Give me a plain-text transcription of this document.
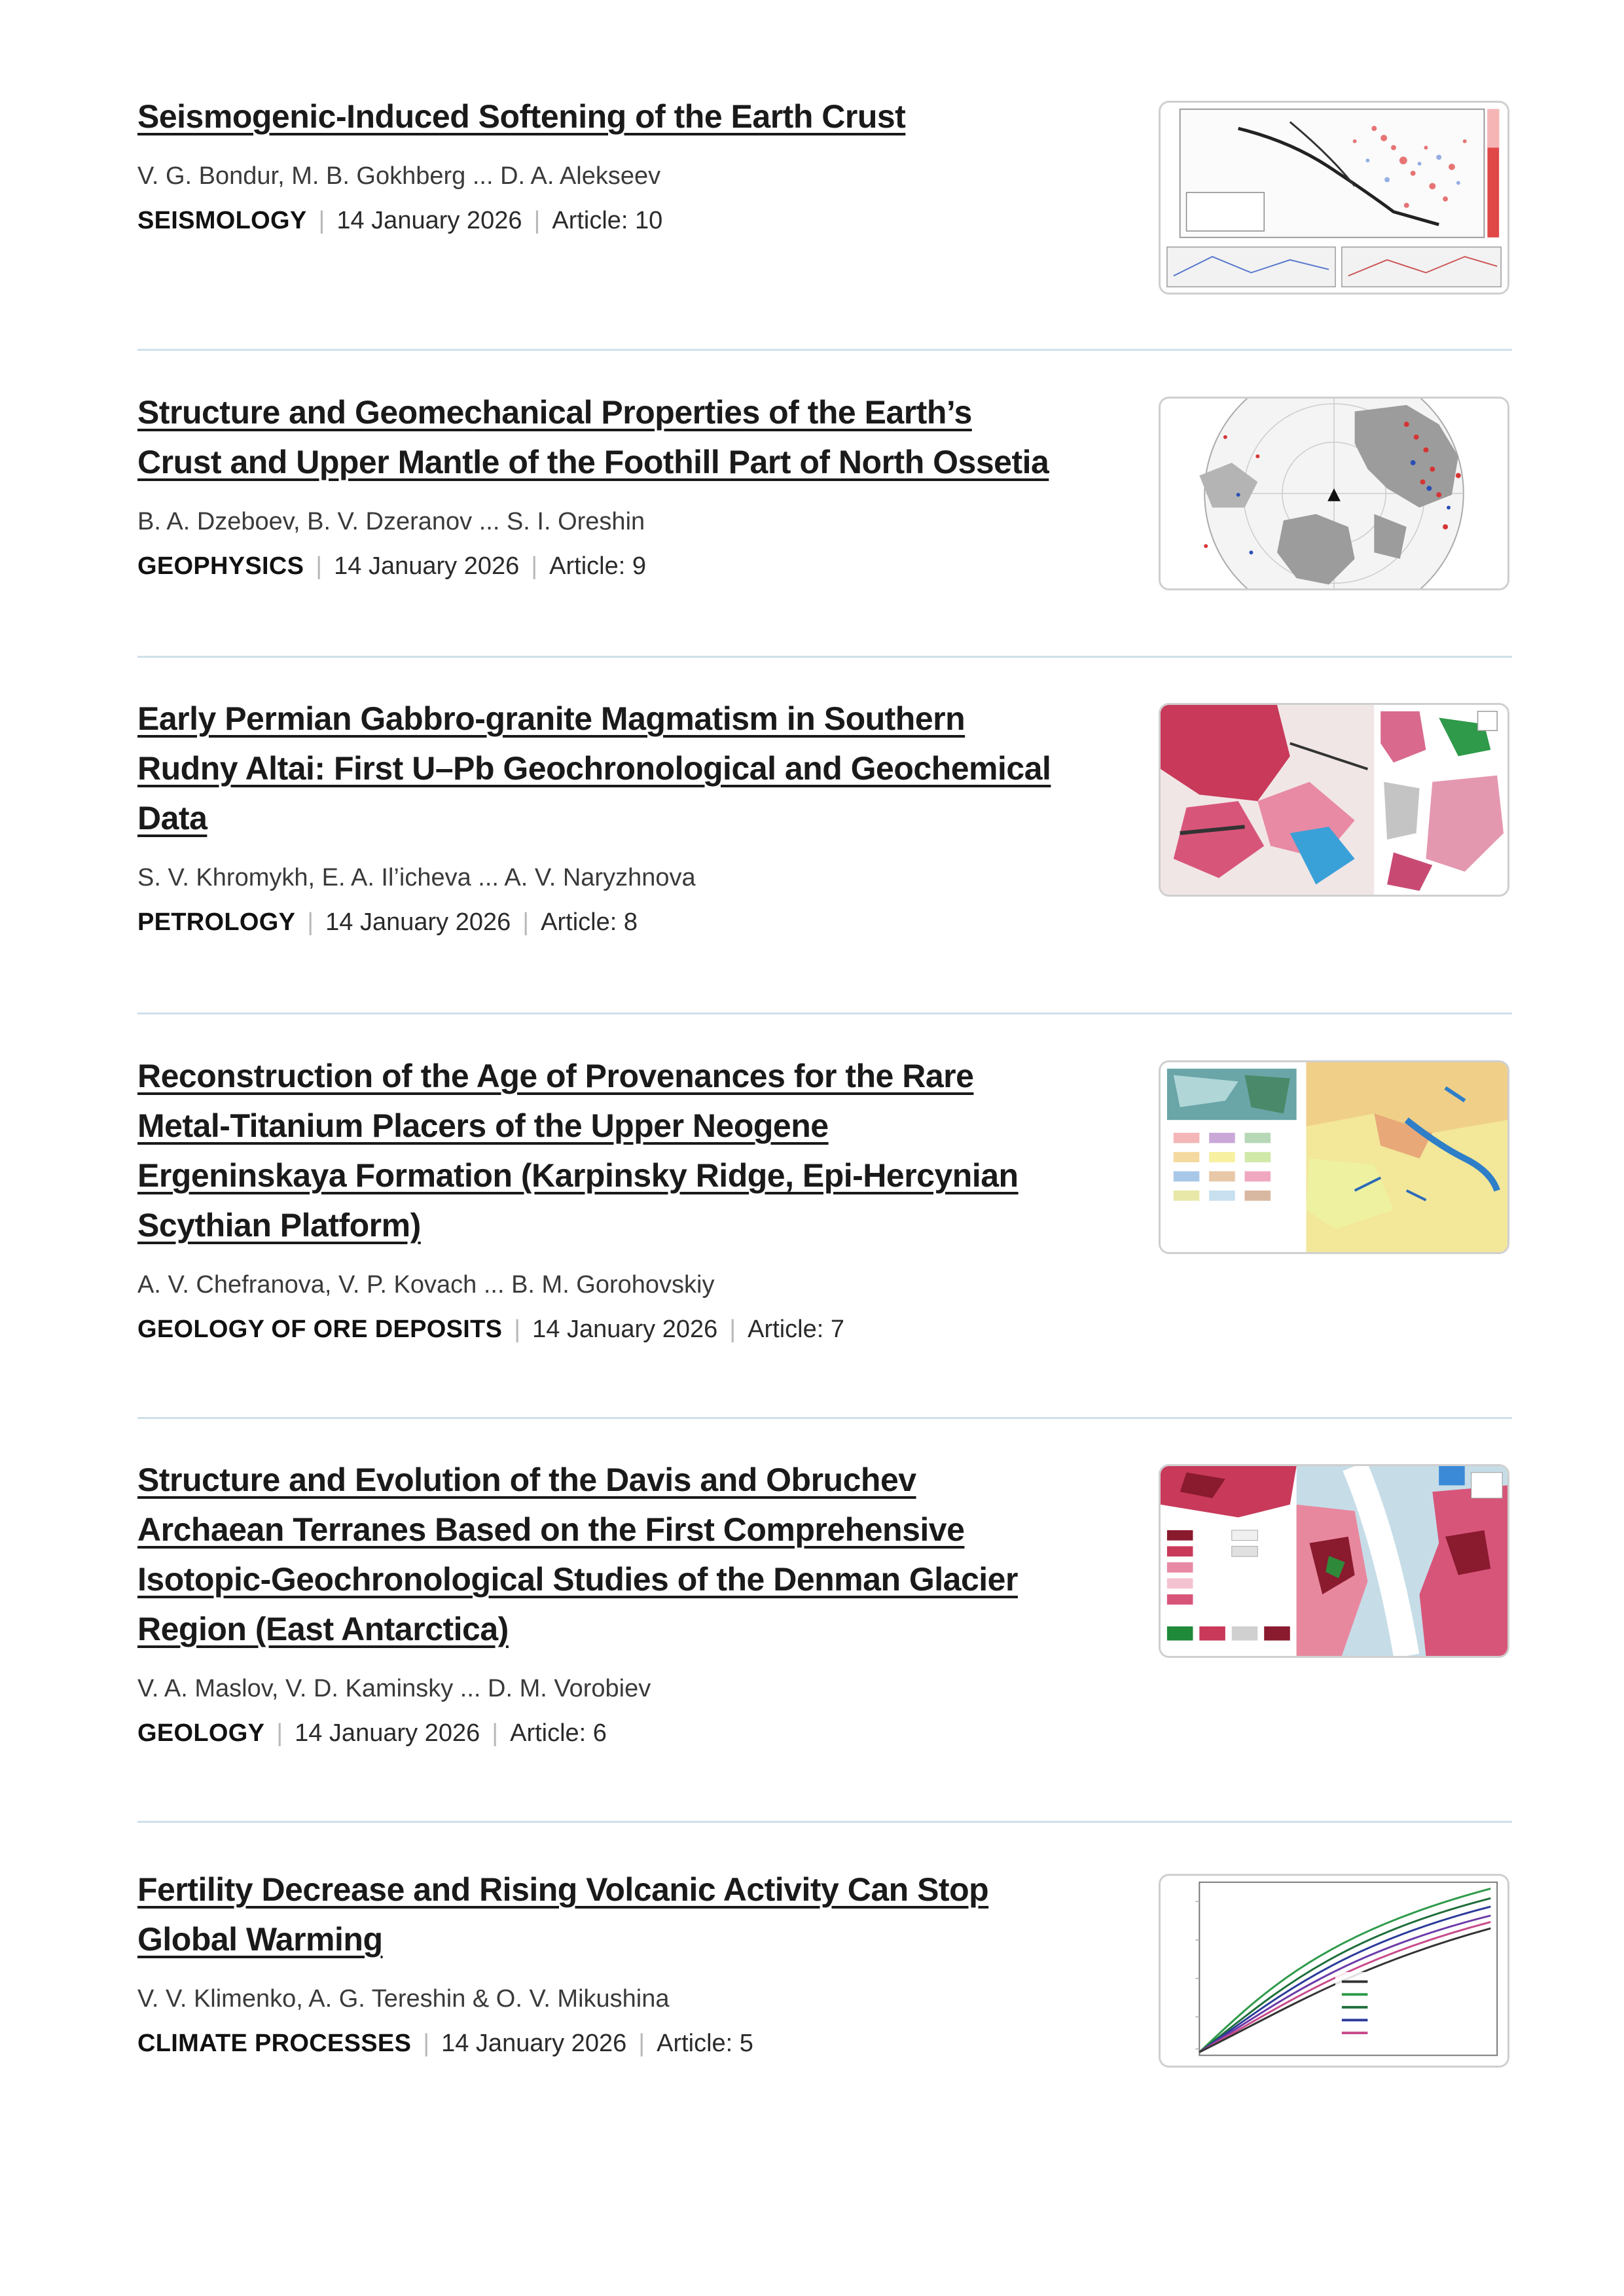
Seismogenic-Induced Softening of the Earth Crust
V. G. Bondur, M. B. Gokhberg ... D. A. Alekseev
SEISMOLOGY | 14 January 2026 | Article: 10
Structure and Geomechanical Properties of the Earth’s
Crust and Upper Mantle of the Foothill Part of North Ossetia
B. A. Dzeboev, B. V. Dzeranov ... S. I. Oreshin
GEOPHYSICS | 14 January 2026 | Article: 9
Early Permian Gabbro-granite Magmatism in Southern
Rudny Altai: First U–Pb Geochronological and Geochemical
Data
S. V. Khromykh, E. A. Il’icheva ... A. V. Naryzhnova
PETROLOGY | 14 January 2026 | Article: 8
Reconstruction of the Age of Provenances for the Rare
Metal-Titanium Placers of the Upper Neogene
Ergeninskaya Formation (Karpinsky Ridge, Epi-Hercynian
Scythian Platform)
A. V. Chefranova, V. P. Kovach ... B. M. Gorohovskiy
GEOLOGY OF ORE DEPOSITS | 14 January 2026 | Article: 7
Structure and Evolution of the Davis and Obruchev
Archaean Terranes Based on the First Comprehensive
Isotopic-Geochronological Studies of the Denman Glacier
Region (East Antarctica)
V. A. Maslov, V. D. Kaminsky ... D. M. Vorobiev
GEOLOGY | 14 January 2026 | Article: 6
Fertility Decrease and Rising Volcanic Activity Can Stop
Global Warming
V. V. Klimenko, A. G. Tereshin & O. V. Mikushina
CLIMATE PROCESSES | 14 January 2026 | Article: 5
